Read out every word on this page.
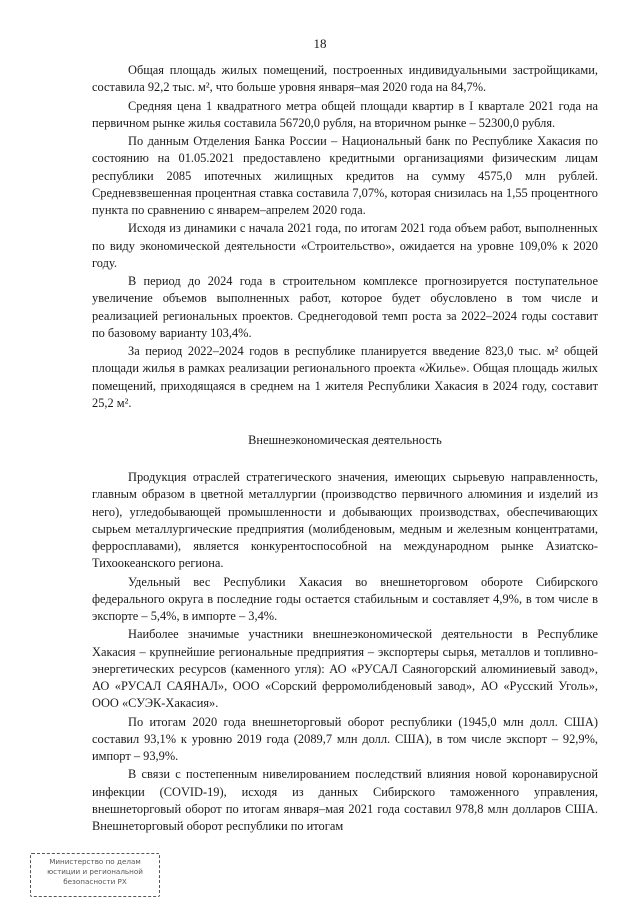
18

Общая площадь жилых помещений, построенных индивидуальными застройщиками, составила 92,2 тыс. м², что больше уровня января–мая 2020 года на 84,7%.

Средняя цена 1 квадратного метра общей площади квартир в I квартале 2021 года на первичном рынке жилья составила 56720,0 рубля, на вторичном рынке – 52300,0 рубля.

По данным Отделения Банка России – Национальный банк по Республике Хакасия по состоянию на 01.05.2021 предоставлено кредитными организациями физическим лицам республики 2085 ипотечных жилищных кредитов на сумму 4575,0 млн рублей. Средневзвешенная процентная ставка составила 7,07%, которая снизилась на 1,55 процентного пункта по сравнению с январем–апрелем 2020 года.

Исходя из динамики с начала 2021 года, по итогам 2021 года объем работ, выполненных по виду экономической деятельности «Строительство», ожидается на уровне 109,0% к 2020 году.

В период до 2024 года в строительном комплексе прогнозируется поступательное увеличение объемов выполненных работ, которое будет обусловлено в том числе и реализацией региональных проектов. Среднегодовой темп роста за 2022–2024 годы составит по базовому варианту 103,4%.

За период 2022–2024 годов в республике планируется введение 823,0 тыс. м² общей площади жилья в рамках реализации регионального проекта «Жилье». Общая площадь жилых помещений, приходящаяся в среднем на 1 жителя Республики Хакасия в 2024 году, составит 25,2 м².

Внешнеэкономическая деятельность

Продукция отраслей стратегического значения, имеющих сырьевую направленность, главным образом в цветной металлургии (производство первичного алюминия и изделий из него), угледобывающей промышленности и добывающих производствах, обеспечивающих сырьем металлургические предприятия (молибденовым, медным и железным концентратами, ферросплавами), является конкурентоспособной на международном рынке Азиатско-Тихоокеанского региона.

Удельный вес Республики Хакасия во внешнеторговом обороте Сибирского федерального округа в последние годы остается стабильным и составляет 4,9%, в том числе в экспорте – 5,4%, в импорте – 3,4%.

Наиболее значимые участники внешнеэкономической деятельности в Республике Хакасия – крупнейшие региональные предприятия – экспортеры сырья, металлов и топливно-энергетических ресурсов (каменного угля): АО «РУСАЛ Саяногорский алюминиевый завод», АО «РУСАЛ САЯНАЛ», ООО «Сорский ферромолибденовый завод», АО «Русский Уголь», ООО «СУЭК-Хакасия».

По итогам 2020 года внешнеторговый оборот республики (1945,0 млн долл. США) составил 93,1% к уровню 2019 года (2089,7 млн долл. США), в том числе экспорт – 92,9%, импорт – 93,9%.

В связи с постепенным нивелированием последствий влияния новой коронавирусной инфекции (COVID-19), исходя из данных Сибирского таможенного управления, внешнеторговый оборот по итогам января–мая 2021 года составил 978,8 млн долларов США. Внешнеторговый оборот республики по итогам

Министерство по делам
юстиции и региональной
безопасности РХ
